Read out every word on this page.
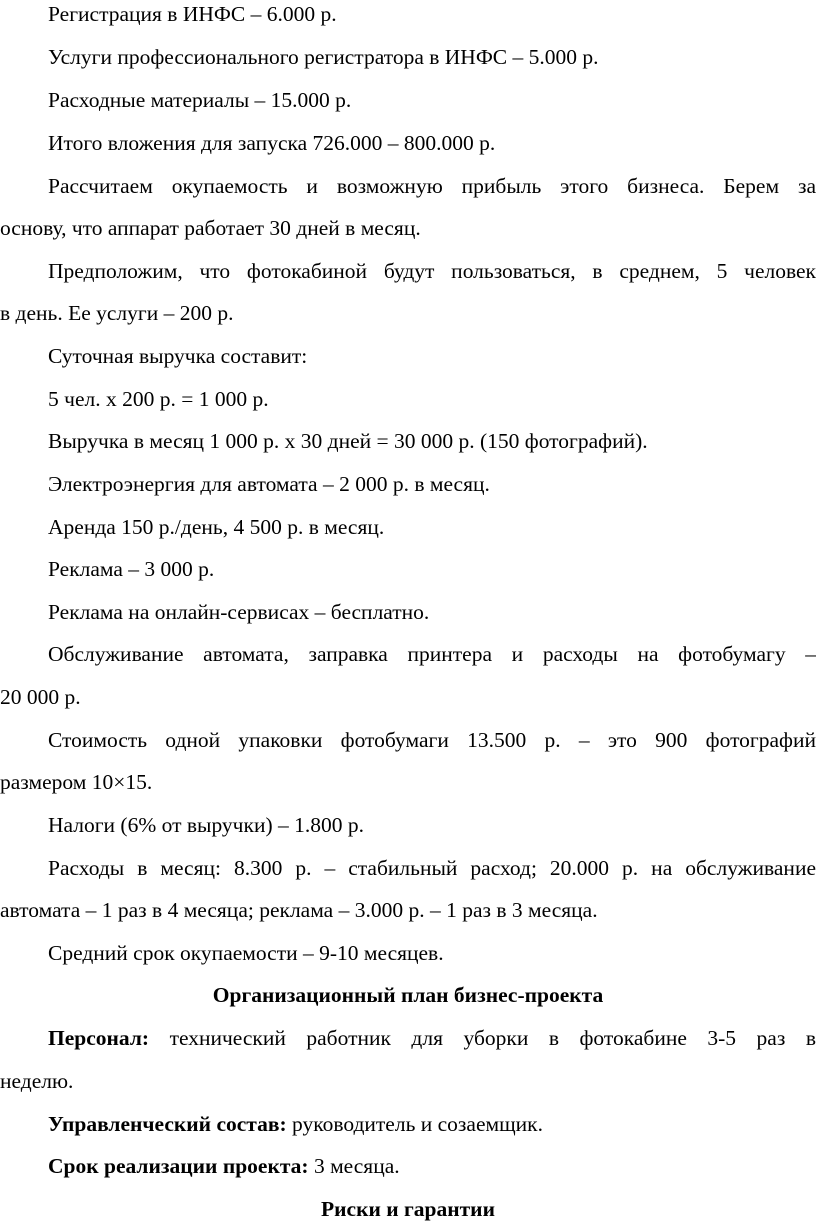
Регистрация в ИНФС – 6.000 р.
Услуги профессионального регистратора в ИНФС – 5.000 р.
Расходные материалы – 15.000 р.
Итого вложения для запуска 726.000 – 800.000 р.
Рассчитаем окупаемость и возможную прибыль этого бизнеса. Берем за
основу, что аппарат работает 30 дней в месяц.
Предположим, что фотокабиной будут пользоваться, в среднем, 5 человек
в день. Ее услуги – 200 р.
Суточная выручка составит:
5 чел. х 200 р. = 1 000 р.
Выручка в месяц 1 000 р. х 30 дней = 30 000 р. (150 фотографий).
Электроэнергия для автомата – 2 000 р. в месяц.
Аренда 150 р./день, 4 500 р. в месяц.
Реклама – 3 000 р.
Реклама на онлайн-сервисах – бесплатно.
Обслуживание автомата, заправка принтера и расходы на фотобумагу –
20 000 р.
Стоимость одной упаковки фотобумаги 13.500 р. – это 900 фотографий
размером 10×15.
Налоги (6% от выручки) – 1.800 р.
Расходы в месяц: 8.300 р. – стабильный расход; 20.000 р. на обслуживание
автомата – 1 раз в 4 месяца; реклама – 3.000 р. – 1 раз в 3 месяца.
Средний срок окупаемости – 9-10 месяцев.
Организационный план бизнес-проекта
Персонал: технический работник для уборки в фотокабине 3-5 раз в
неделю.
Управленческий состав: руководитель и созаемщик.
Срок реализации проекта: 3 месяца.
Риски и гарантии
